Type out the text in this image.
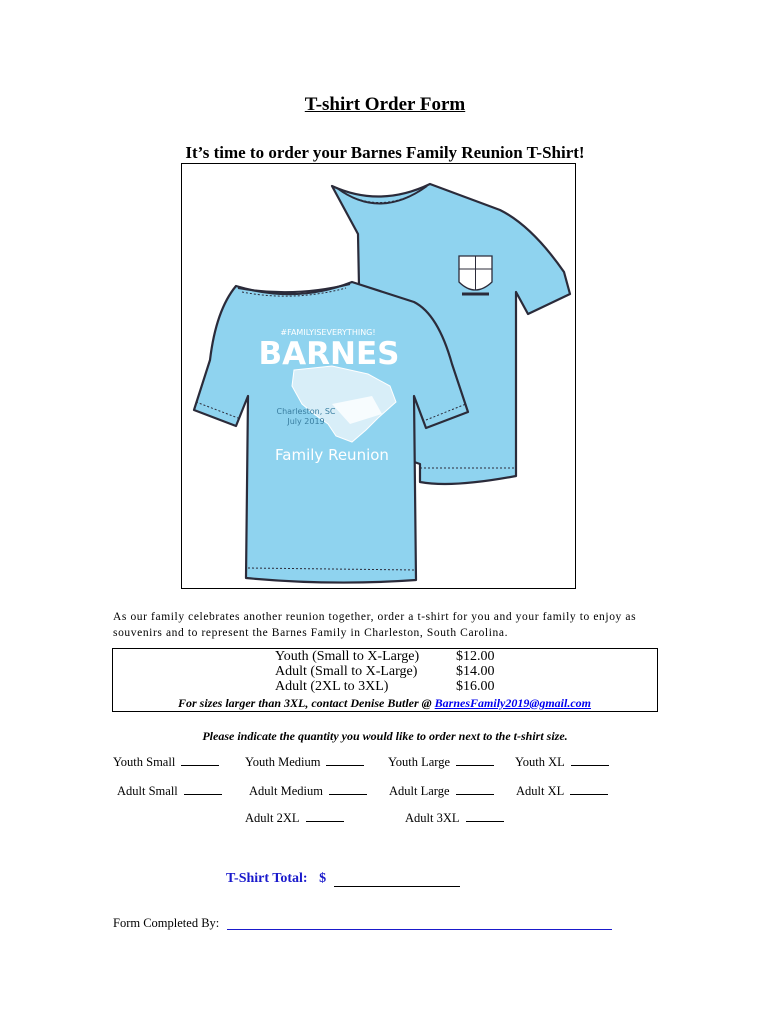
T-shirt Order Form
It’s time to order your Barnes Family Reunion T-Shirt!
#FAMILYISEVERYTHING!
BARNES
Charleston, SC
July 2019
Family Reunion
As our family celebrates another reunion together, order a t-shirt for you and your family to enjoy as
souvenirs and to represent the Barnes Family in Charleston, South Carolina.
Youth (Small to X-Large)	$12.00
Adult (Small to X-Large)	$14.00
Adult (2XL to 3XL)	$16.00
For sizes larger than 3XL, contact Denise Butler @ BarnesFamily2019@gmail.com
Please indicate the quantity you would like to order next to the t-shirt size.
Youth Small	Youth Medium	Youth Large	Youth XL
Adult Small	Adult Medium	Adult Large	Adult XL
Adult 2XL	Adult 3XL
T-Shirt Total: $
Form Completed By:
